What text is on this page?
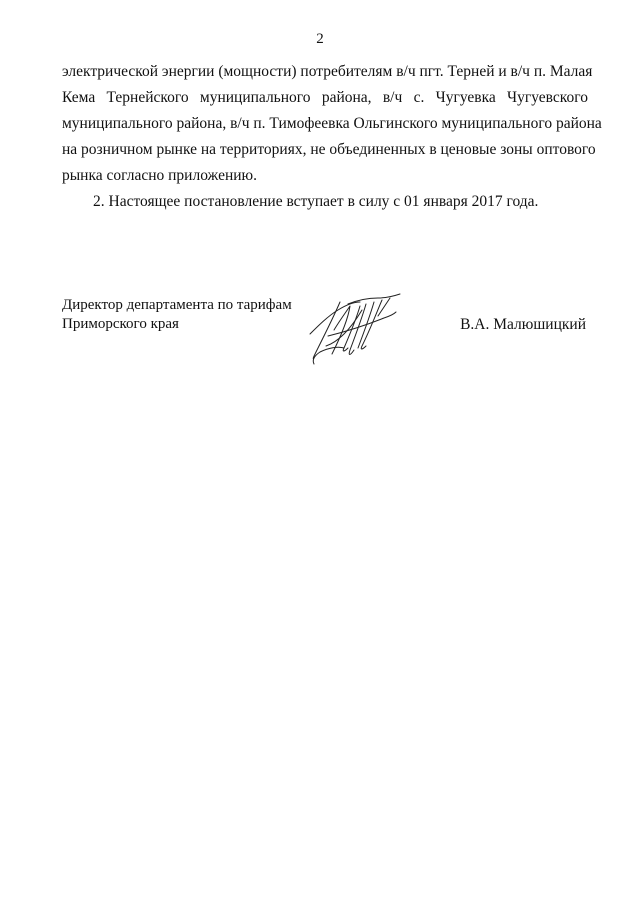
2
электрической энергии (мощности) потребителям в/ч пгт. Терней и в/ч п. Малая
Кема Тернейского муниципального района, в/ч с. Чугуевка Чугуевского
муниципального района, в/ч п. Тимофеевка Ольгинского муниципального района
на розничном рынке на территориях, не объединенных в ценовые зоны оптового
рынка согласно приложению.
2. Настоящее постановление вступает в силу с 01 января 2017 года.
Директор департамента по тарифам
Приморского края	В.А. Малюшицкий
